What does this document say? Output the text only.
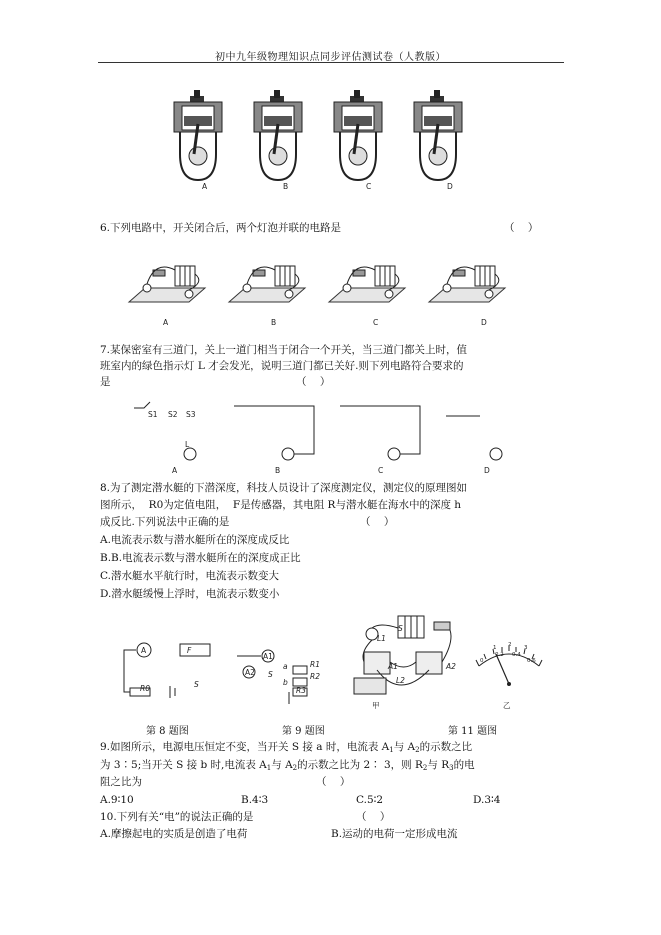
初中九年级物理知识点同步评估测试卷（人教版）
A	B	C	D
6.下列电路中，开关闭合后，两个灯泡并联的电路是	（    ）
A	B	C	D
7.某保密室有三道门，关上一道门相当于闭合一个开关，当三道门都关上时，值
班室内的绿色指示灯 L 才会发光，说明三道门都已关好.则下列电路符合要求的
是	（    ）
A	B	C	D
S1 S2 S3
L
8.为了测定潜水艇的下潜深度，科技人员设计了深度测定仪，测定仪的原理图如
图所示，  R0为定值电阻，  F是传感器，其电阻 R与潜水艇在海水中的深度 h
成反比.下列说法中正确的是	（    ）
A.电流表示数与潜水艇所在的深度成反比
B.B.电流表示数与潜水艇所在的深度成正比
C.潜水艇水平航行时，电流表示数变大
D.潜水艇缓慢上浮时，电流表示数变小
A	F
R0	S
A1
A2 S
a
b
R1
R2
R3
S
L1
L2
A1	A2
甲
0
0.2 0.4
0.6
1 2 3
乙
第 8 题图	第 9 题图	第 11 题图
9.如图所示，电源电压恒定不变，当开关 S 接 a 时，电流表 $A_1$与 $A_2$的示数之比
为 3∶5;当开关 S 接 b 时,电流表 $A_1$与 $A_2$的示数之比为 2∶ 3，则 $R_2$与 $R_3$的电
阻之比为	（    ）
A.9∶10	B.4∶3	C.5∶2	D.3∶4
10.下列有关“电”的说法正确的是	（    ）
A.摩擦起电的实质是创造了电荷	B.运动的电荷一定形成电流
